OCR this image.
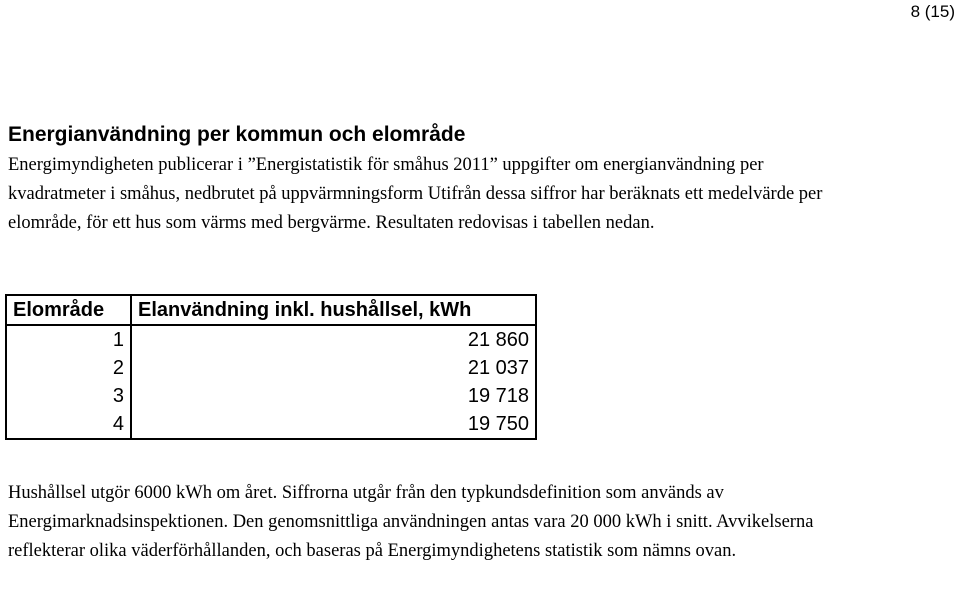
8 (15)
Energianvändning per kommun och elområde

Energimyndigheten publicerar i ”Energistatistik för småhus 2011” uppgifter om energianvändning per kvadratmeter i småhus, nedbrutet på uppvärmningsform Utifrån dessa siffror har beräknats ett medelvärde per elområde, för ett hus som värms med bergvärme. Resultaten redovisas i tabellen nedan.

Elområde	Elanvändning inkl. hushållsel, kWh
1	21 860
2	21 037
3	19 718
4	19 750

Hushållsel utgör 6000 kWh om året. Siffrorna utgår från den typkundsdefinition som används av Energimarknadsinspektionen. Den genomsnittliga användningen antas vara 20 000 kWh i snitt. Avvikelserna reflekterar olika väderförhållanden, och baseras på Energimyndighetens statistik som nämns ovan.
